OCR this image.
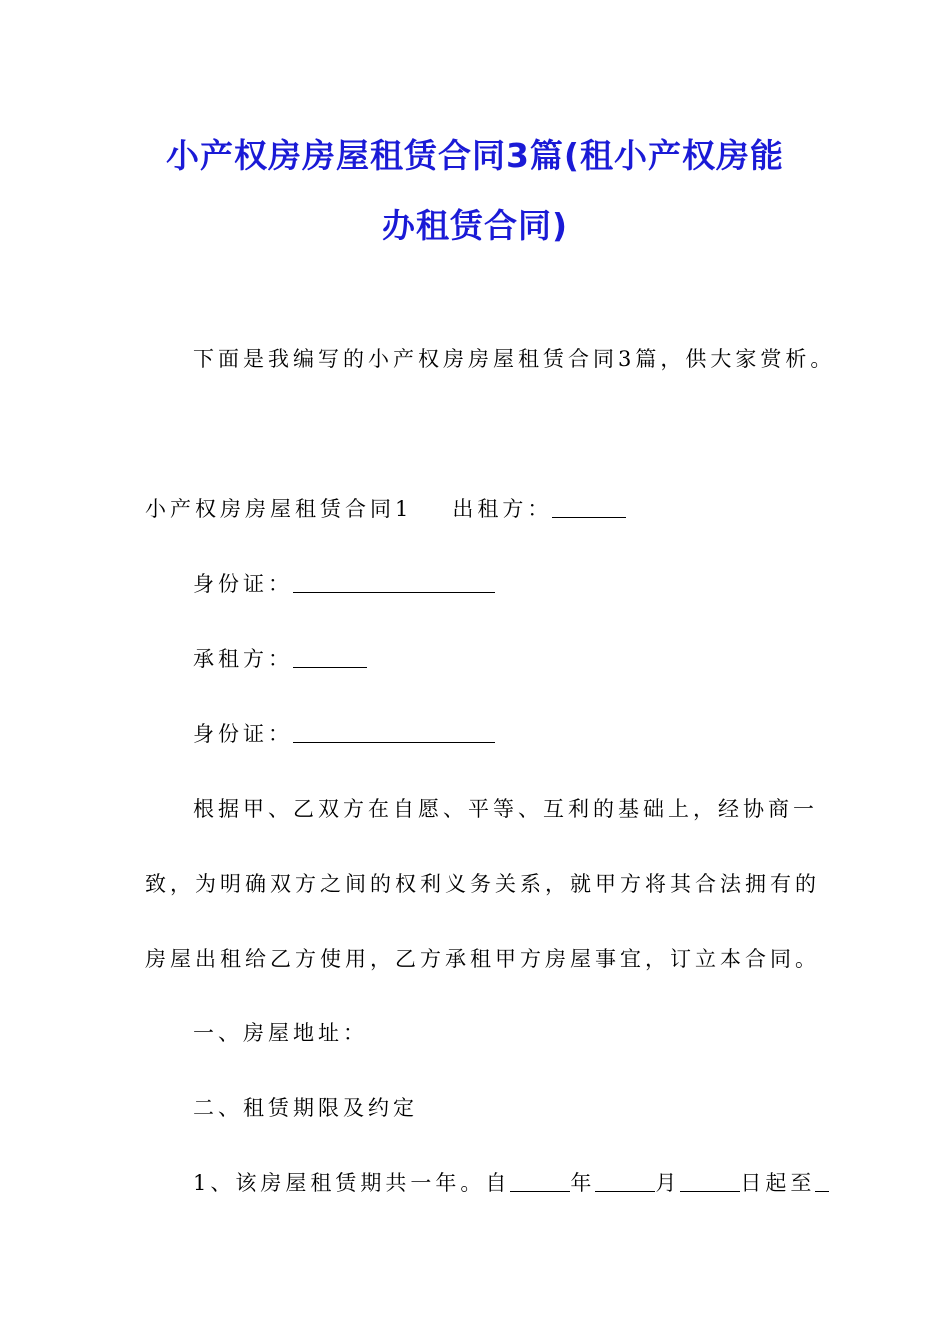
小产权房房屋租赁合同3篇(租小产权房能
办租赁合同)
下面是我编写的小产权房房屋租赁合同3篇，供大家赏析。
小产权房房屋租赁合同1 出租方：
身份证：
承租方：
身份证：
根据甲、乙双方在自愿、平等、互利的基础上，经协商一
致，为明确双方之间的权利义务关系，就甲方将其合法拥有的
房屋出租给乙方使用，乙方承租甲方房屋事宜，订立本合同。
一、房屋地址：
二、租赁期限及约定
1、该房屋租赁期共一年。自	年	月	日起至
